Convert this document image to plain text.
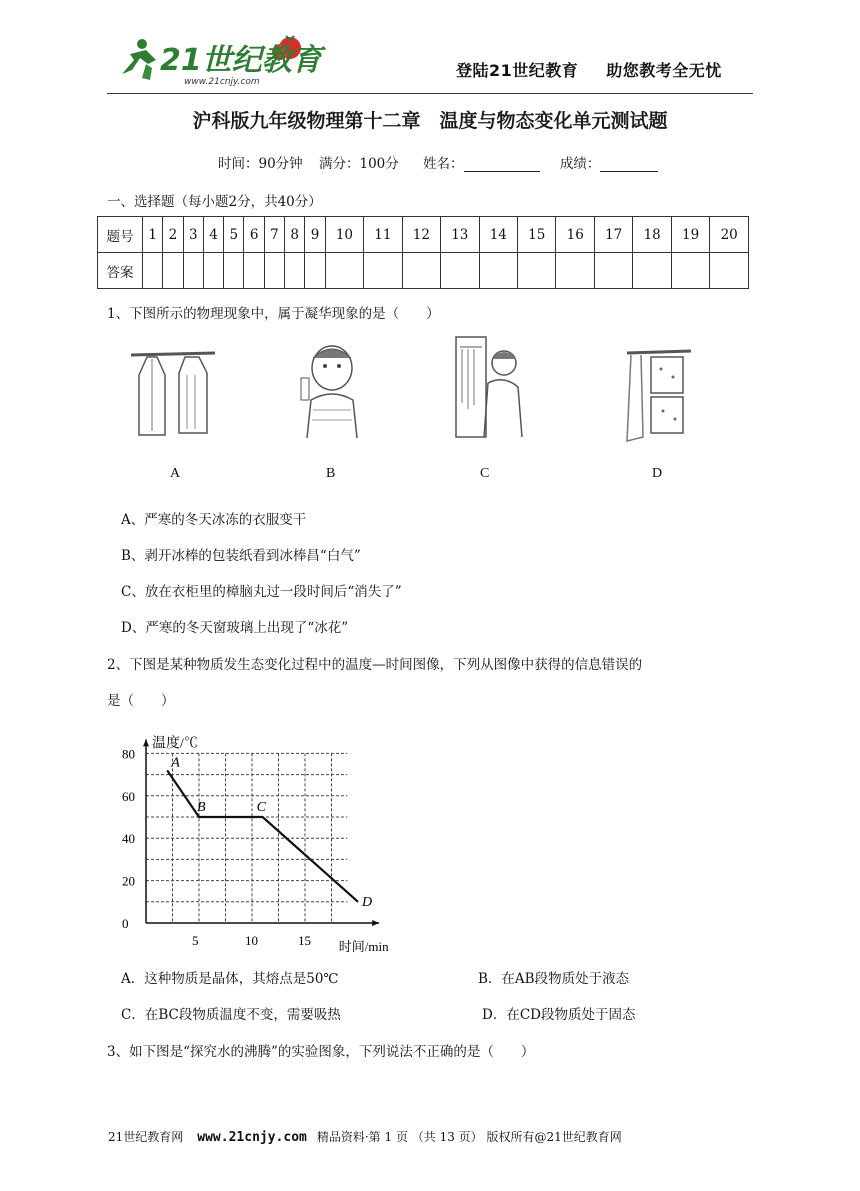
21世纪教育
www.21cnjy.com
登陆21世纪教育 助您教考全无忧
沪科版九年级物理第十二章　温度与物态变化单元测试题
时间：90分钟 满分：100分 姓名：	成绩：
一、选择题（每小题2分，共40分）
题号	1	2	3	4	5	6	7	8	9	10	11	12	13	14	15	16	17	18	19	20
答案																				
1、下图所示的物理现象中，属于凝华现象的是（　　）
A	B	C	D
A、严寒的冬天冰冻的衣服变干
B、剥开冰棒的包装纸看到冰棒昌“白气”
C、放在衣柜里的樟脑丸过一段时间后“消失了”
D、严寒的冬天窗玻璃上出现了“冰花”
2、下图是某种物质发生态变化过程中的温度—时间图像，下列从图像中获得的信息错误的
是（　　）
0
20
40
60
80
5	10	15
温度/℃
时间/min
A
B	C
D
A．这种物质是晶体，其熔点是50℃	B．在AB段物质处于液态
C．在BC段物质温度不变，需要吸热	D．在CD段物质处于固态
3、如下图是“探究水的沸腾”的实验图象，下列说法不正确的是（　　）
21世纪教育网 www.21cnjy.com 精品资料·第 1 页 （共 13 页） 版权所有@21世纪教育网
